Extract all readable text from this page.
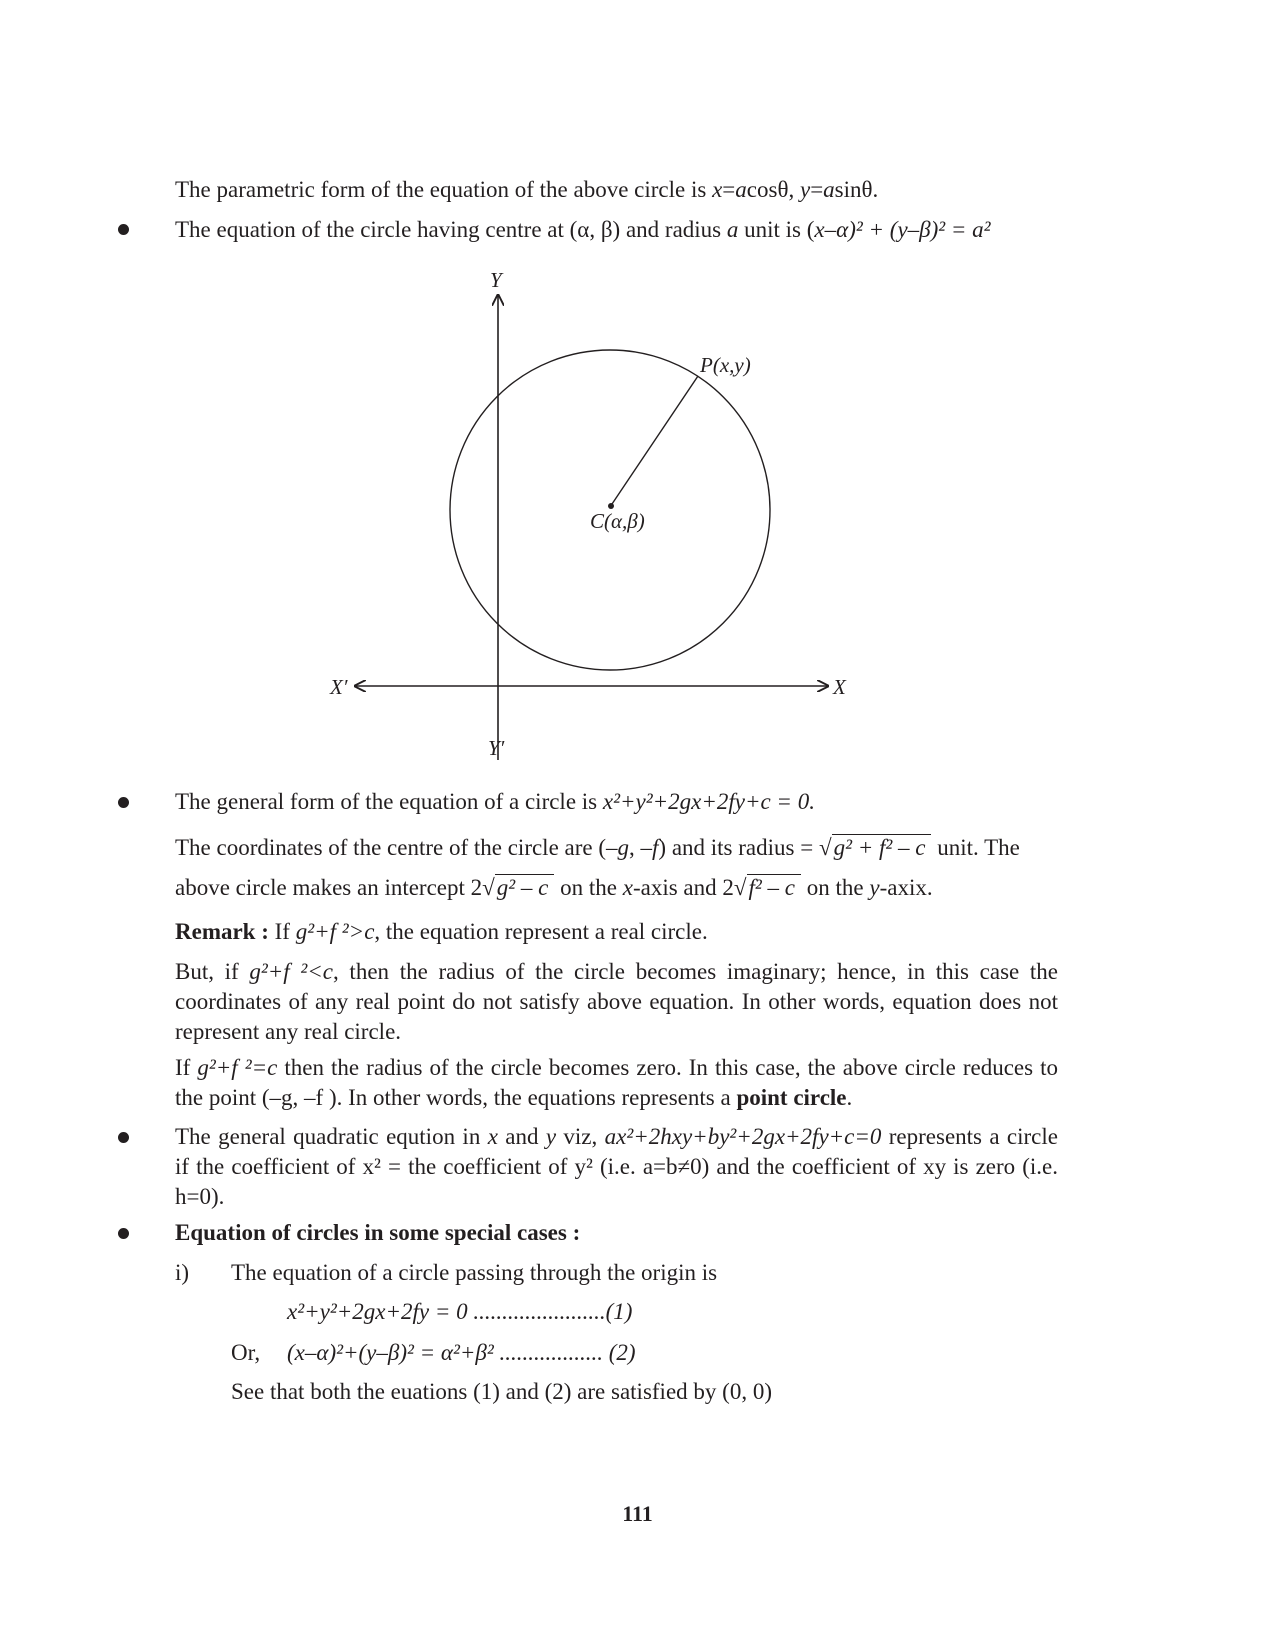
The parametric form of the equation of the above circle is x=acosθ, y=asinθ.
The equation of the circle having centre at (α, β) and radius a unit is (x–α)² + (y–β)² = a²
Y
Y′
X
X′
P(x,y)
C(α,β)
The general form of the equation of a circle is x²+y²+2gx+2fy+c = 0.
The coordinates of the centre of the circle are (–g, –f) and its radius = √g² + f² – c unit. The
above circle makes an intercept 2√g² – c on the x-axis and 2√f² – c on the y-axix.
Remark : If g²+f ²>c, the equation represent a real circle.
But, if g²+f ²<c, then the radius of the circle becomes imaginary; hence, in this case the coordinates of any real point do not satisfy above equation. In other words, equation does not represent any real circle.
If g²+f ²=c then the radius of the circle becomes zero. In this case, the above circle reduces to the point (–g, –f ). In other words, the equations represents a point circle.
The general quadratic eqution in x and y viz, ax²+2hxy+by²+2gx+2fy+c=0 represents a circle if the coefficient of x² = the coefficient of y² (i.e. a=b≠0) and the coefficient of xy is zero (i.e. h=0).
Equation of circles in some special cases :
i) The equation of a circle passing through the origin is
x²+y²+2gx+2fy = 0 .......................(1)
Or, (x–α)²+(y–β)² = α²+β² .................. (2)
See that both the euations (1) and (2) are satisfied by (0, 0)
111
